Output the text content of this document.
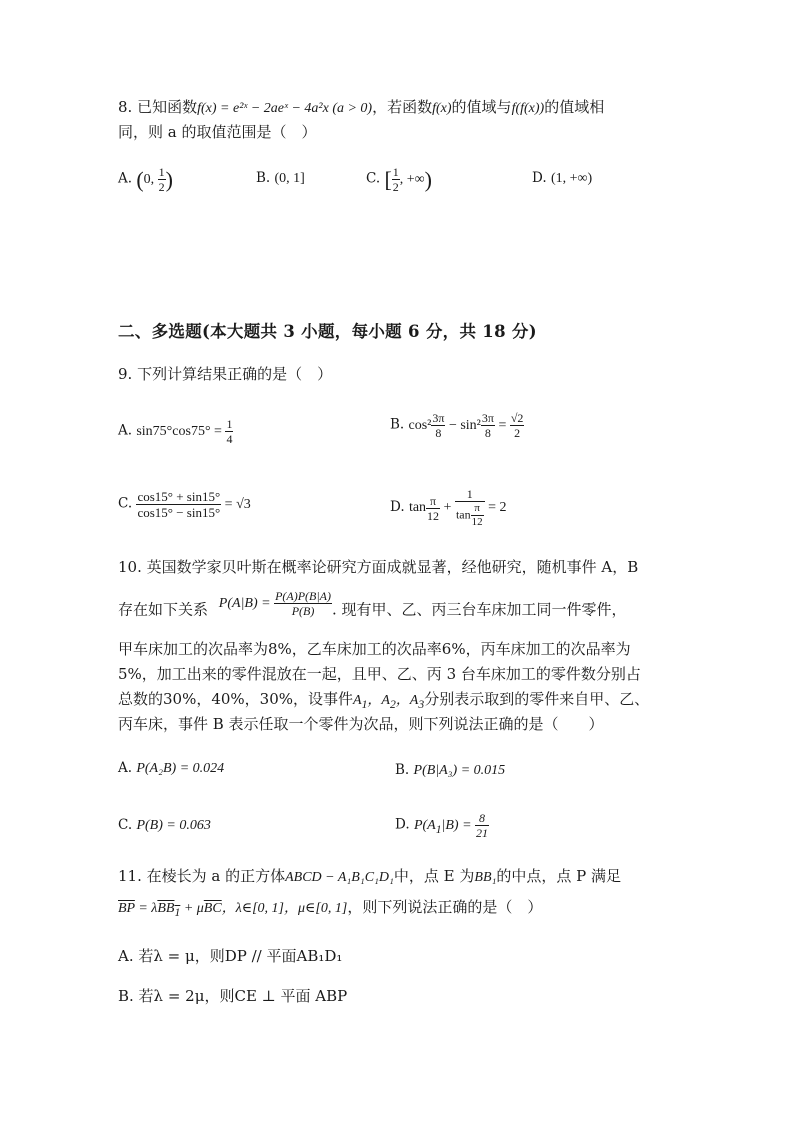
8. 已知函数f(x) = e²ˣ − 2aeˣ − 4a²x (a > 0)，若函数f(x)的值域与f(f(x))的值域相
同，则 a 的取值范围是（　）
A. (0, $\frac{1}{2}$ )	B. (0, 1]	C. [ $\frac{1}{2}$ , +∞)	D. (1, +∞)
二、多选题(本大题共 3 小题，每小题 6 分，共 18 分)
9. 下列计算结果正确的是（　）
A. $\sin 75^\circ\cos 75^\circ = \frac{1}{4}$	B. $\cos^2 \frac{3\pi}{8} - \sin^2 \frac{3\pi}{8} = \frac{√2}{2}$
C. $\frac{\cos 15^\circ + \sin 15^\circ}{\cos 15^\circ - \sin 15^\circ} = √3$	D. $\tan \frac{\pi}{12} + \frac{1}{\tan \frac{\pi}{12}} = 2$
10. 英国数学家贝叶斯在概率论研究方面成就显著，经他研究，随机事件 A，B
存在如下关系 $P(A|B) = \frac{P(A)P(B|A)}{P(B)}$ . 现有甲、乙、丙三台车床加工同一件零件，
甲车床加工的次品率为8%，乙车床加工的次品率6%，丙车床加工的次品率为
5%，加工出来的零件混放在一起，且甲、乙、丙 3 台车床加工的零件数分别占
总数的30%，40%，30%，设事件$A_1$，$A_2$，$A_3$分别表示取到的零件来自甲、乙、
丙车床，事件 B 表示任取一个零件为次品，则下列说法正确的是（　　）
A. P(A₂B) = 0.024	B. P(B|A₃) = 0.015
C. P(B) = 0.063	D. $P(A_1|B) = \frac{8}{21}$
11. 在棱长为 a 的正方体ABCD − A₁B₁C₁D₁中，点 E 为BB₁的中点，点 P 满足
$\overline{BP} = \lambda BB_1 + \mu\overline{BC}$，λ∈[0, 1]，μ∈[0, 1]，则下列说法正确的是（　）
A. 若λ = μ，则DP // 平面AB₁D₁
B. 若λ = 2μ，则CE ⊥ 平面 ABP
